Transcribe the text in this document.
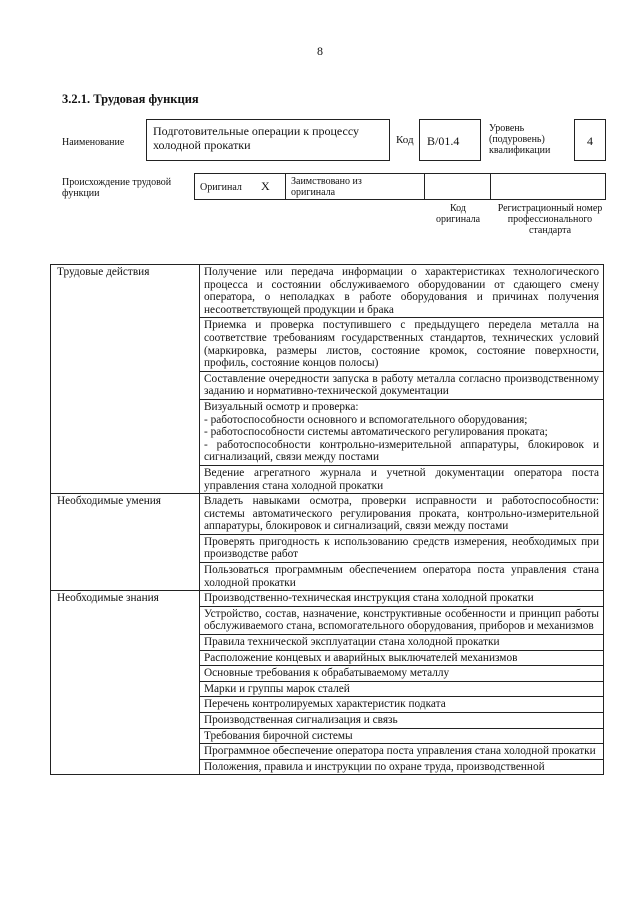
8
3.2.1. Трудовая функция
Наименование
Подготовительные операции к процессу холодной прокатки	Код B/01.4
Уровень (подуровень) квалификации
4
Происхождение трудовой функции
Оригинал X Заимствовано из оригинала
Код оригинала
Регистрационный номер профессионального стандарта
Трудовые действия	Получение или передача информации о характеристиках технологического процесса и состоянии обслуживаемого оборудовании от сдающего смену оператора, о неполадках в работе оборудования и причинах получения несоответствующей продукции и брака
	Приемка и проверка поступившего с предыдущего передела металла на соответствие требованиям государственных стандартов, технических условий (маркировка, размеры листов, состояние кромок, состояние поверхности, профиль, состояние концов полосы)
	Составление очередности запуска в работу металла согласно производственному заданию и нормативно-технической документации
	Визуальный осмотр и проверка:
- работоспособности основного и вспомогательного оборудования;
- работоспособности системы автоматического регулирования проката;
- работоспособности контрольно-измерительной аппаратуры, блокировок и сигнализаций, связи между постами
	Ведение агрегатного журнала и учетной документации оператора поста управления стана холодной прокатки
Необходимые умения	Владеть навыками осмотра, проверки исправности и работоспособности: системы автоматического регулирования проката, контрольно-измерительной аппаратуры, блокировок и сигнализаций, связи между постами
	Проверять пригодность к использованию средств измерения, необходимых при производстве работ
	Пользоваться программным обеспечением оператора поста управления стана холодной прокатки
Необходимые знания	Производственно-техническая инструкция стана холодной прокатки
	Устройство, состав, назначение, конструктивные особенности и принцип работы обслуживаемого стана, вспомогательного оборудования, приборов и механизмов
	Правила технической эксплуатации стана холодной прокатки
	Расположение концевых и аварийных выключателей механизмов
	Основные требования к обрабатываемому металлу
	Марки и группы марок сталей
	Перечень контролируемых характеристик подката
	Производственная сигнализация и связь
	Требования бирочной системы
	Программное обеспечение оператора поста управления стана холодной прокатки
	Положения, правила и инструкции по охране труда, производственной
